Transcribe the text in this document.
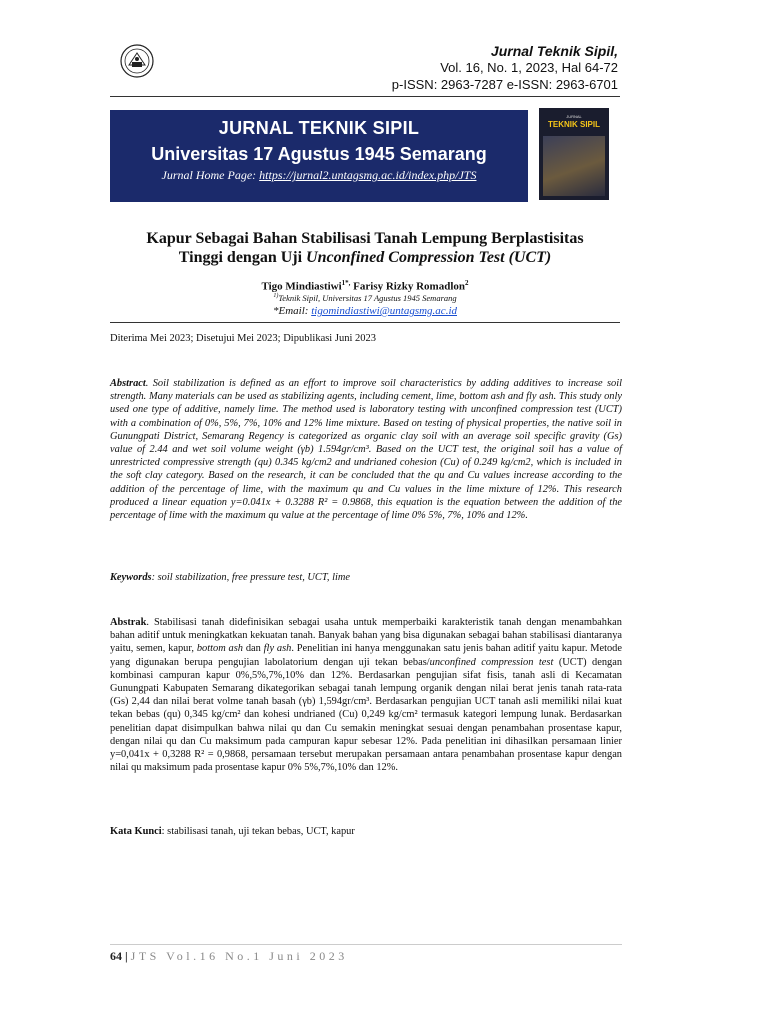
Jurnal Teknik Sipil,
Vol. 16, No. 1, 2023, Hal 64-72
p-ISSN: 2963-7287 e-ISSN: 2963-6701
JURNAL TEKNIK SIPIL
Universitas 17 Agustus 1945 Semarang
Jurnal Home Page: https://jurnal2.untagsmg.ac.id/index.php/JTS
JURNAL
TEKNIK SIPIL
Kapur Sebagai Bahan Stabilisasi Tanah Lempung Berplastisitas
Tinggi dengan Uji Unconfined Compression Test (UCT)
Tigo Mindiastiwi$^{1*,}$ Farisy Rizky Romadlon$^2$
$^{1)}$Teknik Sipil, Universitas 17 Agustus 1945 Semarang
*Email: tigomindiastiwi@untagsmg.ac.id
Diterima Mei 2023; Disetujui Mei 2023; Dipublikasi Juni 2023
Abstract. Soil stabilization is defined as an effort to improve soil characteristics by adding additives to increase soil strength. Many materials can be used as stabilizing agents, including cement, lime, bottom ash and fly ash. This study only used one type of additive, namely lime. The method used is laboratory testing with unconfined compression test (UCT) with a combination of 0%, 5%, 7%, 10% and 12% lime mixture. Based on testing of physical properties, the native soil in Gunungpati District, Semarang Regency is categorized as organic clay soil with an average soil specific gravity (Gs) value of 2.44 and wet soil volume weight (γb) 1.594gr/cm³. Based on the UCT test, the original soil has a value of unrestricted compressive strength (qu) 0.345 kg/cm2 and undrianed cohesion (Cu) of 0.249 kg/cm2, which is included in the soft clay category. Based on the research, it can be concluded that the qu and Cu values increase according to the addition of the percentage of lime, with the maximum qu and Cu values in the lime mixture of 12%. This research produced a linear equation y=0.041x + 0.3288 R² = 0.9868, this equation is the equation between the addition of the percentage of lime with the maximum qu value at the percentage of lime 0% 5%, 7%, 10% and 12%.
Keywords: soil stabilization, free pressure test, UCT, lime
Abstrak. Stabilisasi tanah didefinisikan sebagai usaha untuk memperbaiki karakteristik tanah dengan menambahkan bahan aditif untuk meningkatkan kekuatan tanah. Banyak bahan yang bisa digunakan sebagai bahan stabilisasi diantaranya yaitu, semen, kapur, bottom ash dan fly ash. Penelitian ini hanya menggunakan satu jenis bahan aditif yaitu kapur. Metode yang digunakan berupa pengujian labolatorium dengan uji tekan bebas/unconfined compression test (UCT) dengan kombinasi campuran kapur 0%,5%,7%,10% dan 12%. Berdasarkan pengujian sifat fisis, tanah asli di Kecamatan Gunungpati Kabupaten Semarang dikategorikan sebagai tanah lempung organik dengan nilai berat jenis tanah rata-rata (Gs) 2,44 dan nilai berat volme tanah basah (γb) 1,594gr/cm³. Berdasarkan pengujian UCT tanah asli memiliki nilai kuat tekan bebas (qu) 0,345 kg/cm² dan kohesi undrianed (Cu) 0,249 kg/cm² termasuk kategori lempung lunak. Berdasarkan penelitian dapat disimpulkan bahwa nilai qu dan Cu semakin meningkat sesuai dengan penambahan prosentase kapur, dengan nilai qu dan Cu maksimum pada campuran kapur sebesar 12%. Pada penelitian ini dihasilkan persamaan linier y=0,041x + 0,3288 R² = 0,9868, persamaan tersebut merupakan persamaan antara penambahan prosentase kapur dengan nilai qu maksimum pada prosentase kapur 0% 5%,7%,10% dan 12%.
Kata Kunci: stabilisasi tanah, uji tekan bebas, UCT, kapur
64 | JTS Vol.16 No.1 Juni 2023
